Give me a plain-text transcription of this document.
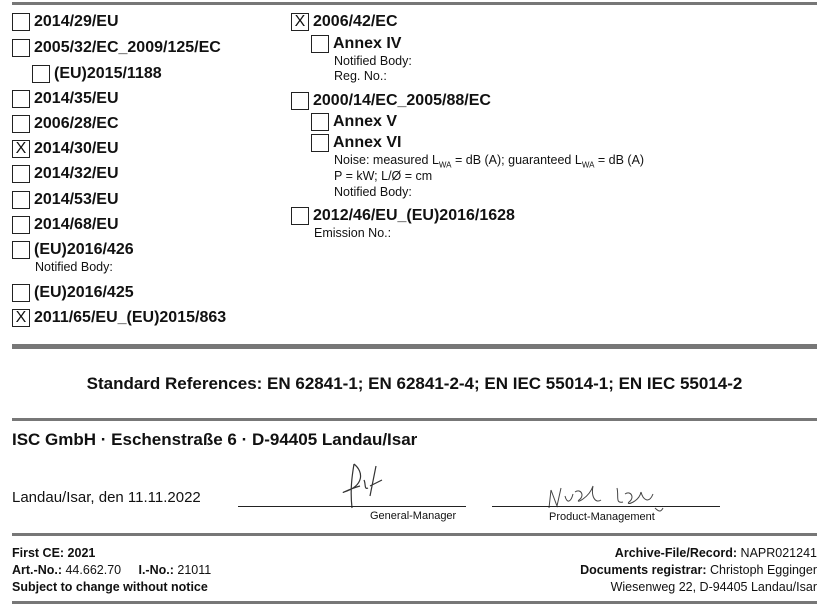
2014/29/EU
2005/32/EC_2009/125/EC
(EU)2015/1188
2014/35/EU
2006/28/EC
X 2014/30/EU
2014/32/EU
2014/53/EU
2014/68/EU
(EU)2016/426
Notified Body:
(EU)2016/425
X 2011/65/EU_(EU)2015/863
X 2006/42/EC
Annex IV
Notified Body:
Reg. No.:
2000/14/EC_2005/88/EC
Annex V
Annex VI
Noise: measured $L_{WA}$ = dB (A); guaranteed $L_{WA}$ = dB (A)
P = kW; L/Ø = cm
Notified Body:
2012/46/EU_(EU)2016/1628
Emission No.:
Standard References: EN 62841-1; EN 62841-2-4; EN IEC 55014-1; EN IEC 55014-2
ISC GmbH · Eschenstraße 6 · D-94405 Landau/Isar
Landau/Isar, den 11.11.2022
General-Manager	Product-Management
First CE: 2021
Art.-No.: 44.662.70 I.-No.: 21011
Subject to change without notice
Archive-File/Record: NAPR021241
Documents registrar: Christoph Egginger
Wiesenweg 22, D-94405 Landau/Isar
